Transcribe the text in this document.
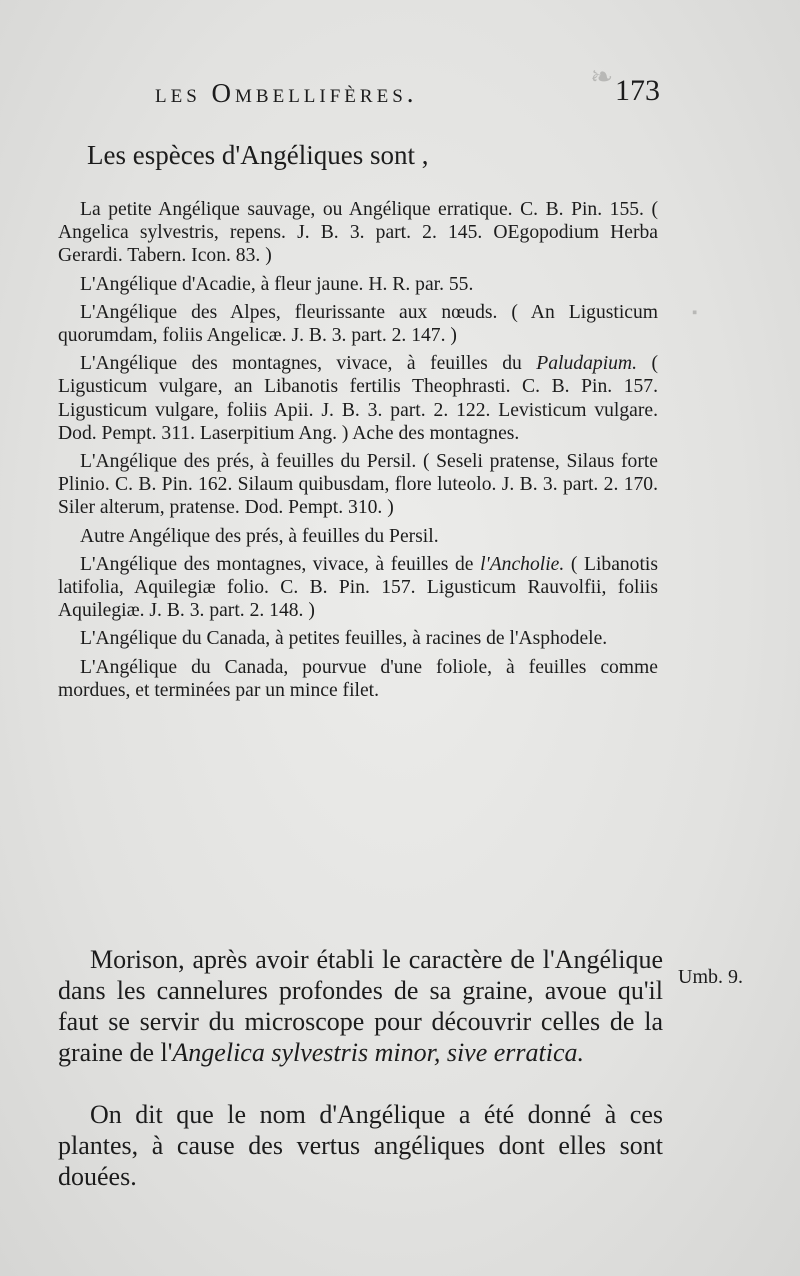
☙
▪
les Ombellifères.	173
Les espèces d'Angéliques sont ,

La petite Angélique sauvage, ou Angélique erratique. C. B. Pin. 155. ( Angelica sylvestris, repens. J. B. 3. part. 2. 145. OEgopodium Herba Gerardi. Tabern. Icon. 83. )

L'Angélique d'Acadie, à fleur jaune. H. R. par. 55.

L'Angélique des Alpes, fleurissante aux nœuds. ( An Ligusticum quorumdam, foliis Angelicæ. J. B. 3. part. 2. 147. )

L'Angélique des montagnes, vivace, à feuilles du Paludapium. ( Ligusticum vulgare, an Libanotis fertilis Theophrasti. C. B. Pin. 157. Ligusticum vulgare, foliis Apii. J. B. 3. part. 2. 122. Levisticum vulgare. Dod. Pempt. 311. Laserpitium Ang. ) Ache des montagnes.

L'Angélique des prés, à feuilles du Persil. ( Seseli pratense, Silaus forte Plinio. C. B. Pin. 162. Silaum quibusdam, flore luteolo. J. B. 3. part. 2. 170. Siler alterum, pratense. Dod. Pempt. 310. )

Autre Angélique des prés, à feuilles du Persil.

L'Angélique des montagnes, vivace, à feuilles de l'Ancholie. ( Libanotis latifolia, Aquilegiæ folio. C. B. Pin. 157. Ligusticum Rauvolfii, foliis Aquilegiæ. J. B. 3. part. 2. 148. )

L'Angélique du Canada, à petites feuilles, à racines de l'Asphodele.

L'Angélique du Canada, pourvue d'une foliole, à feuilles comme mordues, et terminées par un mince filet.

Morison, après avoir établi le caractère de l'Angélique dans les cannelures profondes de sa graine, avoue qu'il faut se servir du microscope pour découvrir celles de la graine de l'Angelica sylvestris minor, sive erratica.
Umb. 9.
On dit que le nom d'Angélique a été donné à ces plantes, à cause des vertus angéliques dont elles sont douées.
